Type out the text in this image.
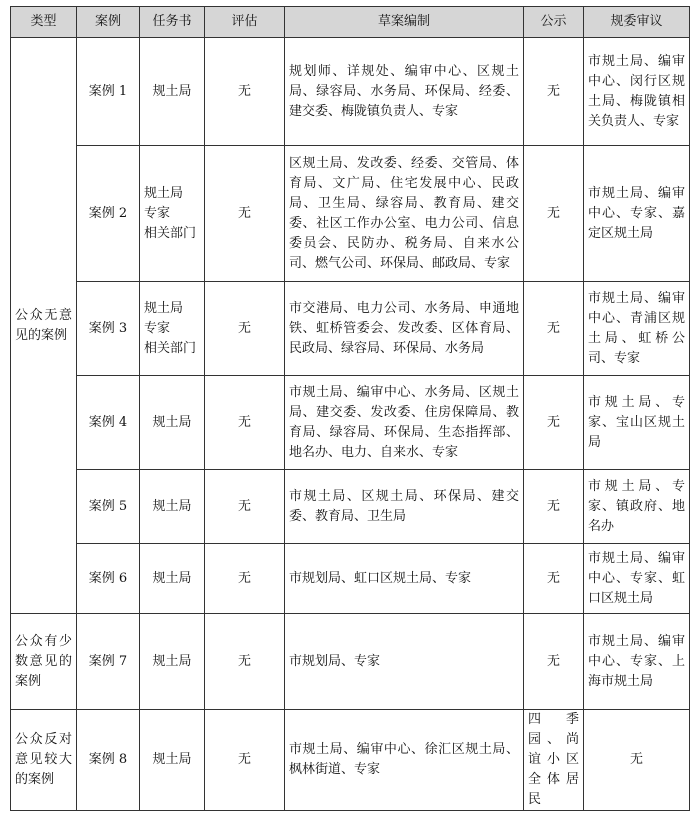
类型	案例	任务书	评估	草案编制	公示	规委审议
公众无意见的案例	案例 1	规土局	无	规划师、详规处、编审中心、区规土局、绿容局、水务局、环保局、经委、建交委、梅陇镇负责人、专家	无	市规土局、编审中心、闵行区规土局、梅陇镇相关负责人、专家
	案例 2	规土局
专家
相关部门	无	区规土局、发改委、经委、交管局、体育局、文广局、住宅发展中心、民政局、卫生局、绿容局、教育局、建交委、社区工作办公室、电力公司、信息委员会、民防办、税务局、自来水公司、燃气公司、环保局、邮政局、专家	无	市规土局、编审中心、专家、嘉定区规土局
	案例 3	规土局
专家
相关部门	无	市交港局、电力公司、水务局、申通地铁、虹桥管委会、发改委、区体育局、民政局、绿容局、环保局、水务局	无	市规土局、编审中心、青浦区规土局、虹桥公司、专家
	案例 4	规土局	无	市规土局、编审中心、水务局、区规土局、建交委、发改委、住房保障局、教育局、绿容局、环保局、生态指挥部、地名办、电力、自来水、专家	无	市规土局、专家、宝山区规土局
	案例 5	规土局	无	市规土局、区规土局、环保局、建交委、教育局、卫生局	无	市规土局、专家、镇政府、地名办
	案例 6	规土局	无	市规划局、虹口区规土局、专家	无	市规土局、编审中心、专家、虹口区规土局
公众有少数意见的案例	案例 7	规土局	无	市规划局、专家	无	市规土局、编审中心、专家、上海市规土局
公众反对意见较大的案例	案例 8	规土局	无	市规土局、编审中心、徐汇区规土局、枫林街道、专家	四季园、尚谊小区全体居民	无
